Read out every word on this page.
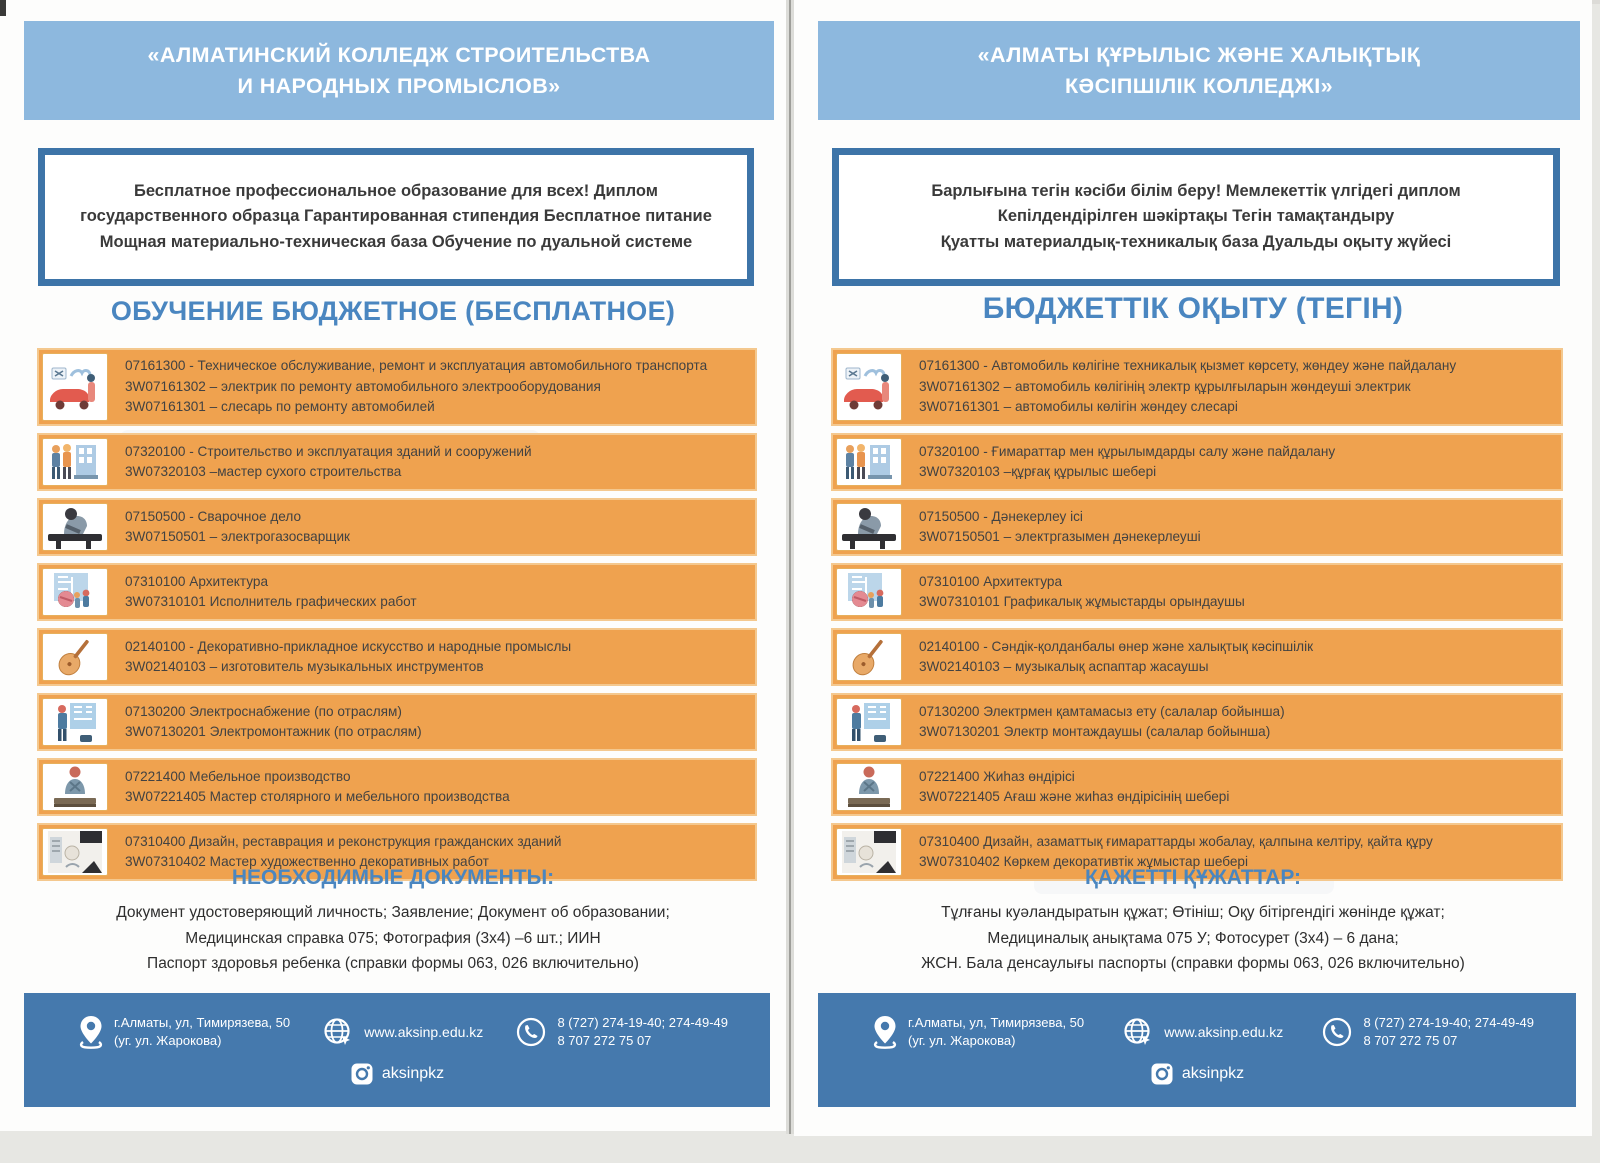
«АЛМАТИНСКИЙ КОЛЛЕДЖ СТРОИТЕЛЬСТВА
И НАРОДНЫХ ПРОМЫСЛОВ»
Бесплатное профессиональное образование для всех! Диплом
государственного образца Гарантированная стипендия Бесплатное питание
Мощная материально-техническая база Обучение по дуальной системе
ОБУЧЕНИЕ БЮДЖЕТНОЕ (БЕСПЛАТНОЕ)
07161300 - Техническое обслуживание, ремонт и эксплуатация автомобильного транспорта
3W07161302 – электрик по ремонту автомобильного электрооборудования
3W07161301 – слесарь по ремонту автомобилей
07320100 - Строительство и эксплуатация зданий и сооружений
3W07320103 –мастер сухого строительства
07150500 - Сварочное дело
3W07150501 – электрогазосварщик
07310100 Архитектура
3W07310101 Исполнитель графических работ
02140100 - Декоративно-прикладное искусство и народные промыслы
3W02140103 – изготовитель музыкальных инструментов
07130200 Электроснабжение (по отраслям)
3W07130201 Электромонтажник (по отраслям)
07221400 Мебельное производство
3W07221405 Мастер столярного и мебельного производства
07310400 Дизайн, реставрация и реконструкция гражданских зданий
3W07310402 Мастер художественно декоративных работ
НЕОБХОДИМЫЕ ДОКУМЕНТЫ:
Документ удостоверяющий личность; Заявление; Документ об образовании;
Медицинская справка 075; Фотография (3х4) –6 шт.; ИИН
Паспорт здоровья ребенка (справки формы 063, 026 включительно)
г.Алматы, ул, Тимирязева, 50
(уг. ул. Жарокова)
www.aksinp.edu.kz
8 (727) 274-19-40; 274-49-49
8 707 272 75 07
aksinpkz
«АЛМАТЫ ҚҰРЫЛЫС ЖӘНЕ ХАЛЫҚТЫҚ
КӘСІПШІЛІК КОЛЛЕДЖІ»
Барлығына тегін кәсіби білім беру! Мемлекеттік үлгідегі диплом
Кепілдендірілген шәкіртақы Тегін тамақтандыру
Қуатты материалдық-техникалық база Дуальды оқыту жүйесі
БЮДЖЕТТІК ОҚЫТУ (ТЕГІН)
07161300 - Автомобиль көлігіне техникалық қызмет көрсету, жөндеу және пайдалану
3W07161302 – автомобиль көлігінің электр құрылғыларын жөндеуші электрик
3W07161301 – автомобилы көлігін жөндеу слесарі
07320100 - Ғимараттар мен құрылымдарды салу және пайдалану
3W07320103 –құрғақ құрылыс шебері
07150500 - Дәнекерлеу ісі
3W07150501 – электргазымен дәнекерлеуші
07310100 Архитектура
3W07310101 Графикалық жұмыстарды орындаушы
02140100 - Сәндік-қолданбалы өнер және халықтық кәсіпшілік
3W02140103 – музыкалық аспаптар жасаушы
07130200 Электрмен қамтамасыз ету (салалар бойынша)
3W07130201 Электр монтаждаушы (салалар бойынша)
07221400 Жиһаз өндірісі
3W07221405 Ағаш және жиһаз өндірісінің шебері
07310400 Дизайн, азаматтық ғимараттарды жобалау, қалпына келтіру, қайта құру
3W07310402 Көркем декоративтік жұмыстар шебері
ҚАЖЕТТІ ҚҰЖАТТАР:
Тұлғаны куәландыратын құжат; Өтініш; Оқу бітіргендігі жөнінде құжат;
Медициналық анықтама 075 У; Фотосурет (3х4) – 6 дана;
ЖСН. Бала денсаулығы паспорты (справки формы 063, 026 включительно)
г.Алматы, ул, Тимирязева, 50
(уг. ул. Жарокова)
www.aksinp.edu.kz
8 (727) 274-19-40; 274-49-49
8 707 272 75 07
aksinpkz
